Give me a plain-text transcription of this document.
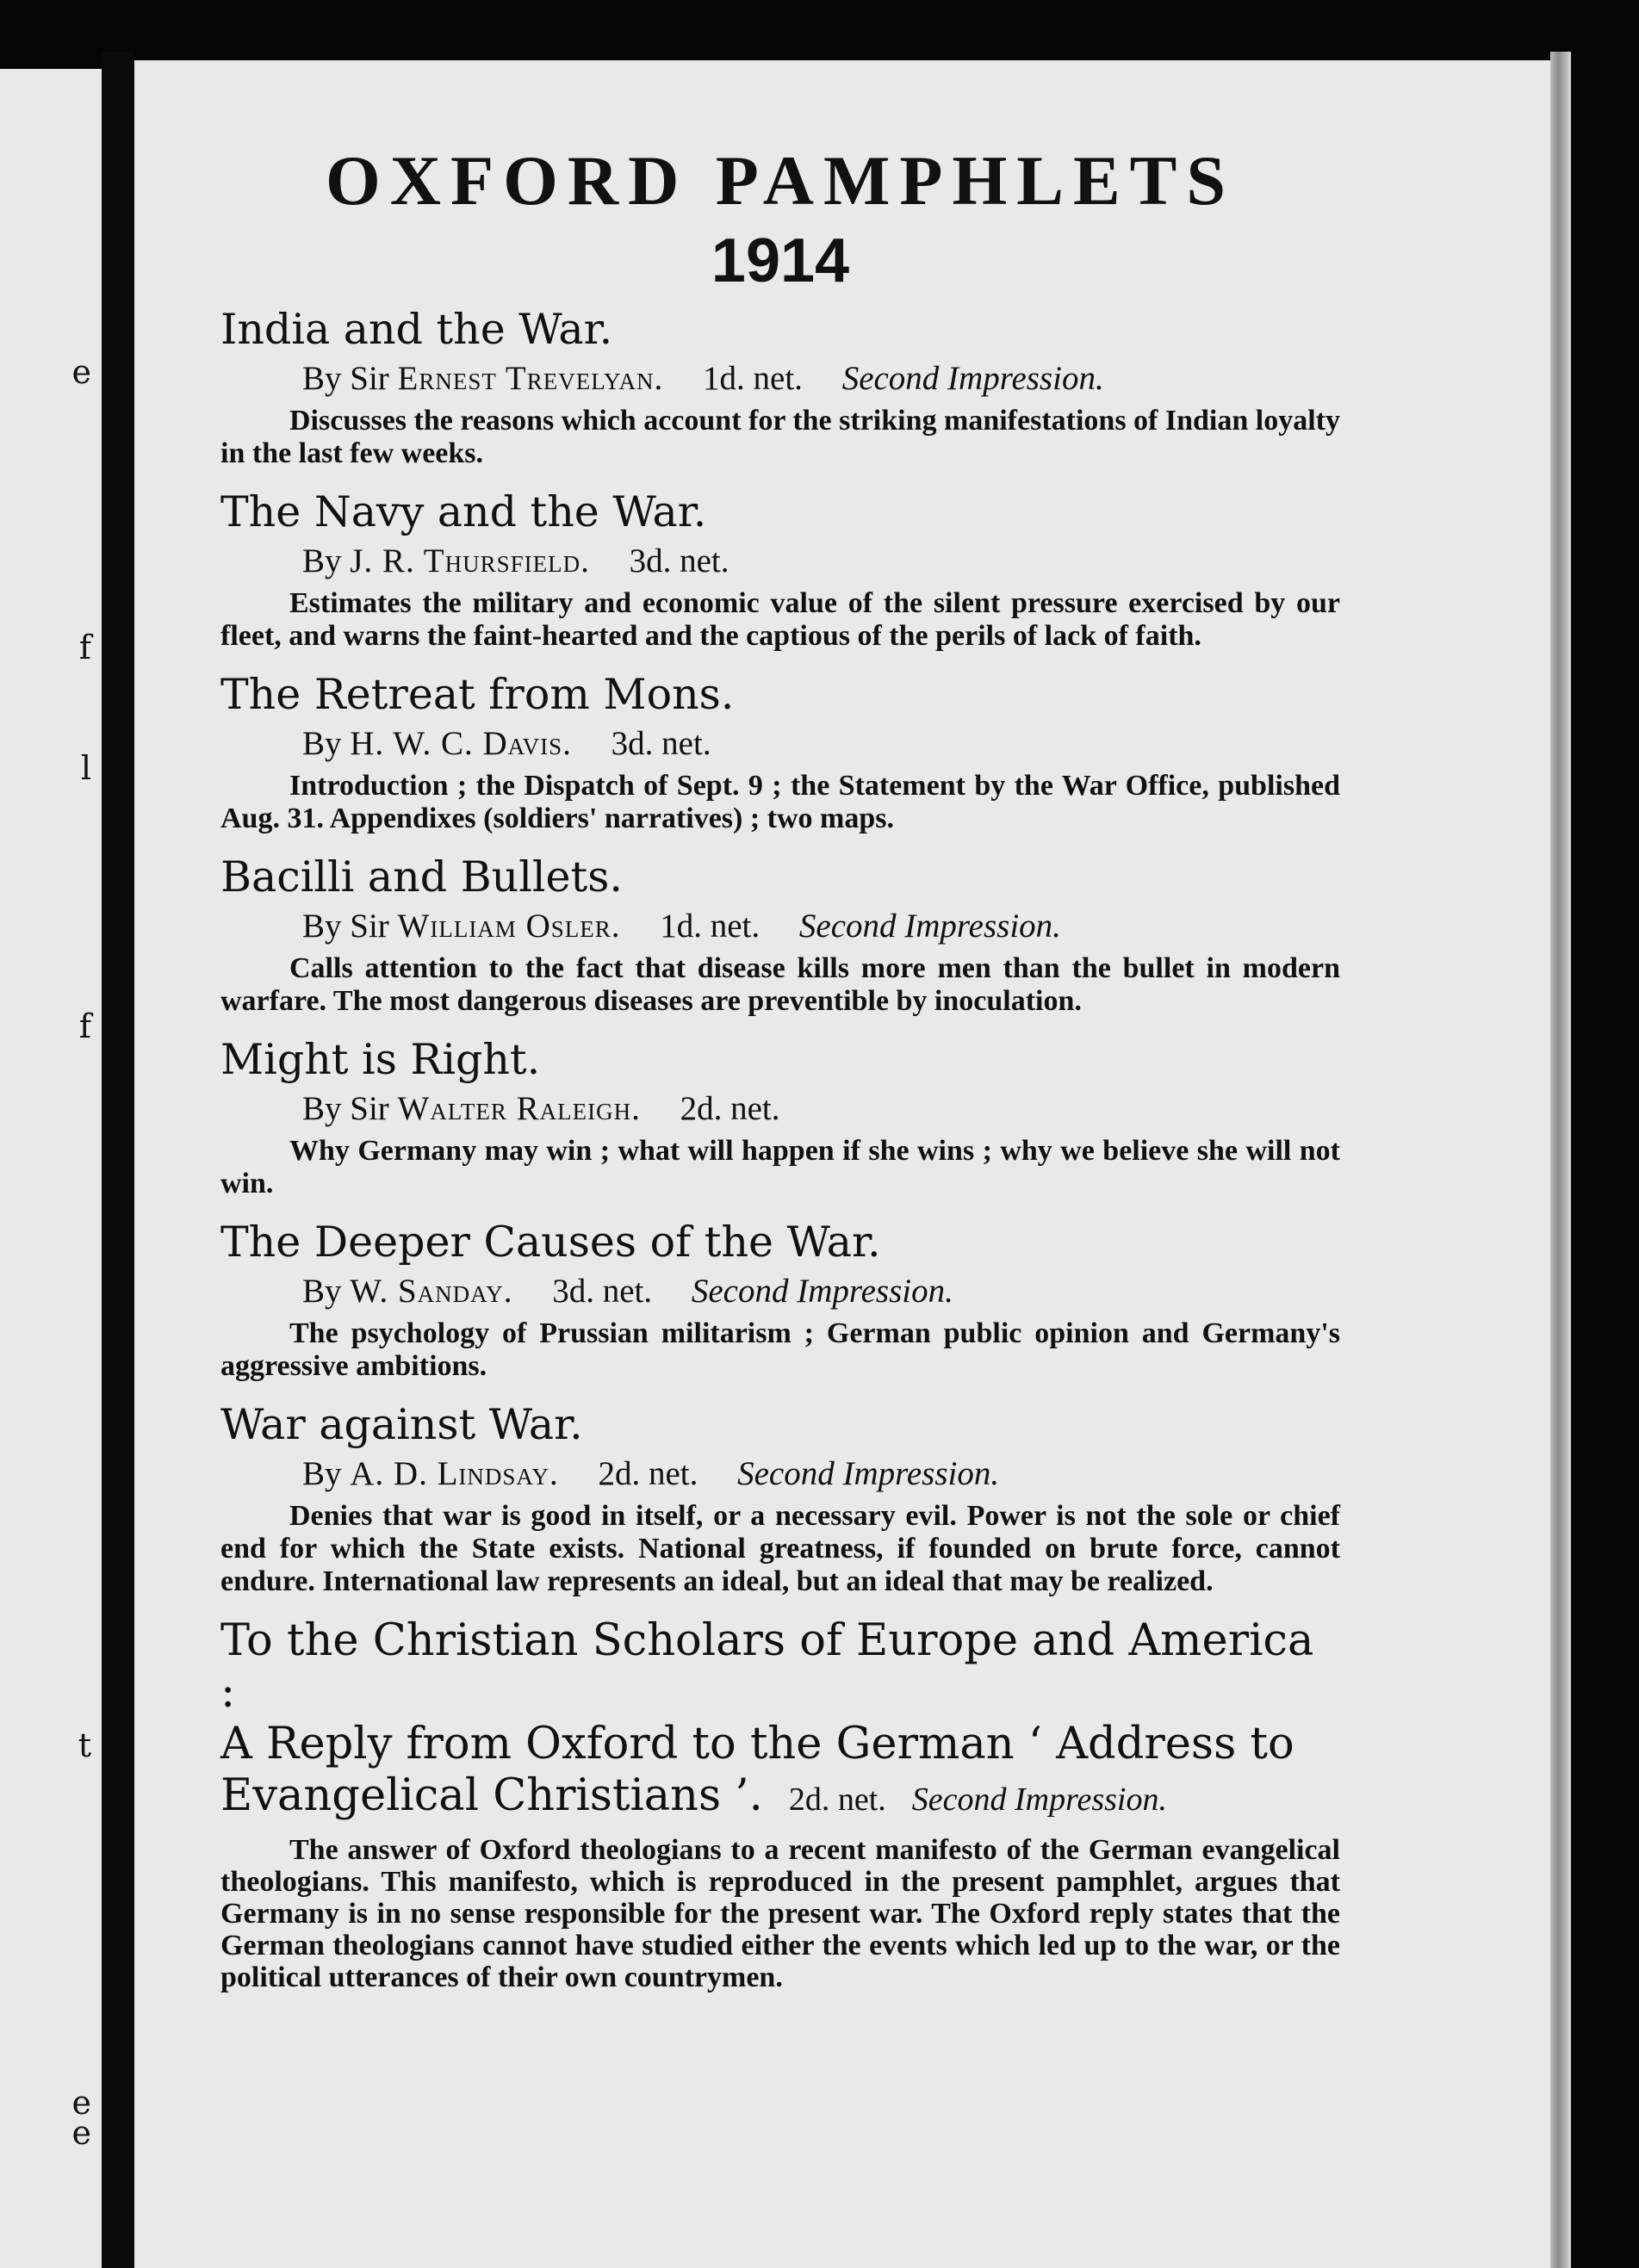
e
f
l
f
t
e
e
OXFORD PAMPHLETS
1914
India and the War.
By Sir Ernest Trevelyan. 1d. net. Second Impression.

Discusses the reasons which account for the striking manifestations of Indian loyalty in the last few weeks.

The Navy and the War.
By J. R. Thursfield. 3d. net.

Estimates the military and economic value of the silent pressure exercised by our fleet, and warns the faint-hearted and the captious of the perils of lack of faith.

The Retreat from Mons.
By H. W. C. Davis. 3d. net.

Introduction ; the Dispatch of Sept. 9 ; the Statement by the War Office, published Aug. 31. Appendixes (soldiers' narratives) ; two maps.

Bacilli and Bullets.
By Sir William Osler. 1d. net. Second Impression.

Calls attention to the fact that disease kills more men than the bullet in modern warfare. The most dangerous diseases are preventible by inoculation.

Might is Right.
By Sir Walter Raleigh. 2d. net.

Why Germany may win ; what will happen if she wins ; why we believe she will not win.

The Deeper Causes of the War.
By W. Sanday. 3d. net. Second Impression.

The psychology of Prussian militarism ; German public opinion and Germany's aggressive ambitions.

War against War.
By A. D. Lindsay. 2d. net. Second Impression.

Denies that war is good in itself, or a necessary evil. Power is not the sole or chief end for which the State exists. National greatness, if founded on brute force, cannot endure. International law represents an ideal, but an ideal that may be realized.

To the Christian Scholars of Europe and America :
A Reply from Oxford to the German ‘ Address to
Evangelical Christians ’. 2d. net. Second Impression.

The answer of Oxford theologians to a recent manifesto of the German evangelical theologians. This manifesto, which is reproduced in the present pamphlet, argues that Germany is in no sense responsible for the present war. The Oxford reply states that the German theologians cannot have studied either the events which led up to the war, or the political utterances of their own countrymen.
